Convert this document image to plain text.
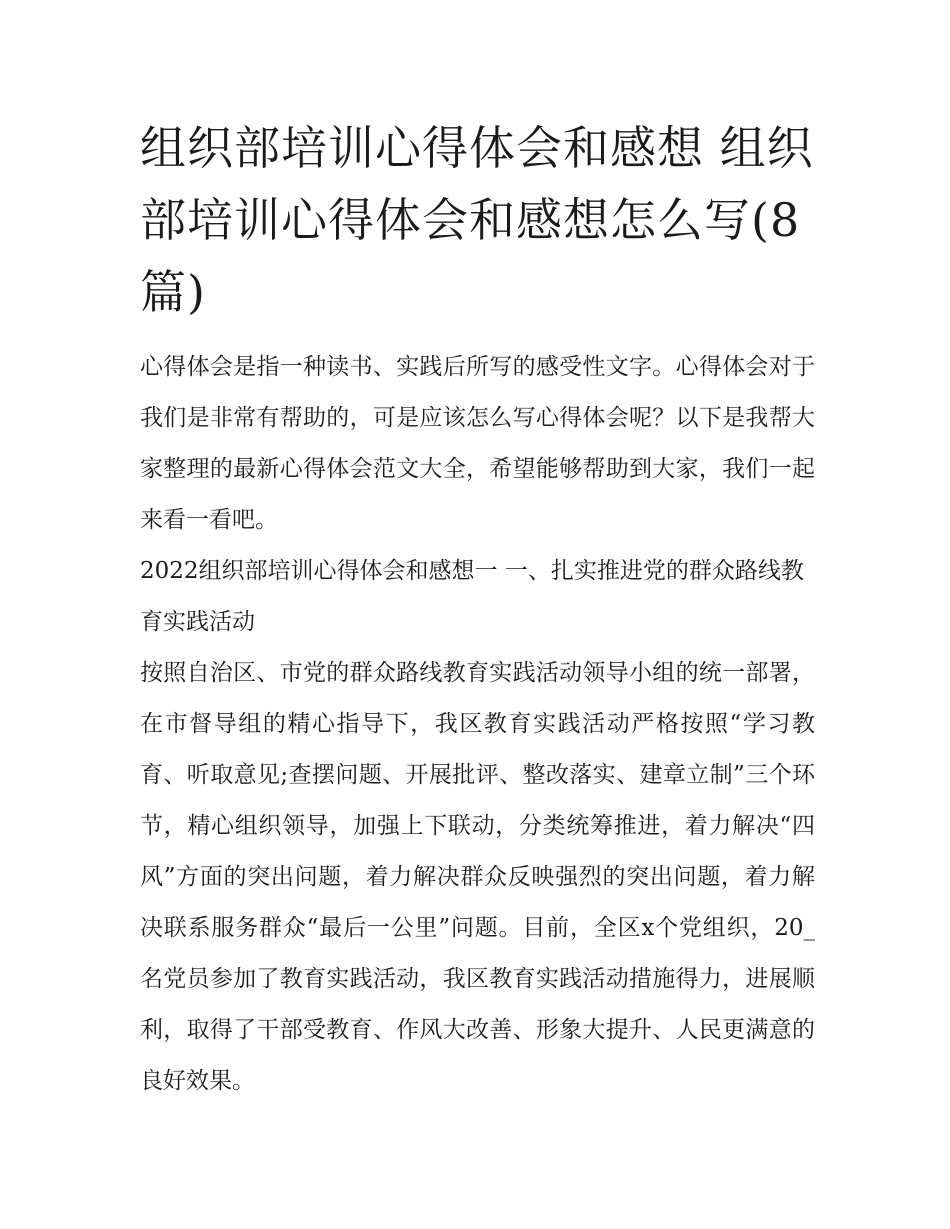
组织部培训心得体会和感想 组织部培训心得体会和感想怎么写(8篇)

心得体会是指一种读书、实践后所写的感受性文字。心得体会对于我们是非常有帮助的，可是应该怎么写心得体会呢？以下是我帮大家整理的最新心得体会范文大全，希望能够帮助到大家，我们一起来看一看吧。

2022组织部培训心得体会和感想一 一、扎实推进党的群众路线教育实践活动

按照自治区、市党的群众路线教育实践活动领导小组的统一部署，在市督导组的精心指导下，我区教育实践活动严格按照“学习教育、听取意见;查摆问题、开展批评、整改落实、建章立制”三个环节，精心组织领导，加强上下联动，分类统筹推进，着力解决“四风”方面的突出问题，着力解决群众反映强烈的突出问题，着力解决联系服务群众“最后一公里”问题。目前，全区x个党组织，20_名党员参加了教育实践活动，我区教育实践活动措施得力，进展顺利，取得了干部受教育、作风大改善、形象大提升、人民更满意的良好效果。
